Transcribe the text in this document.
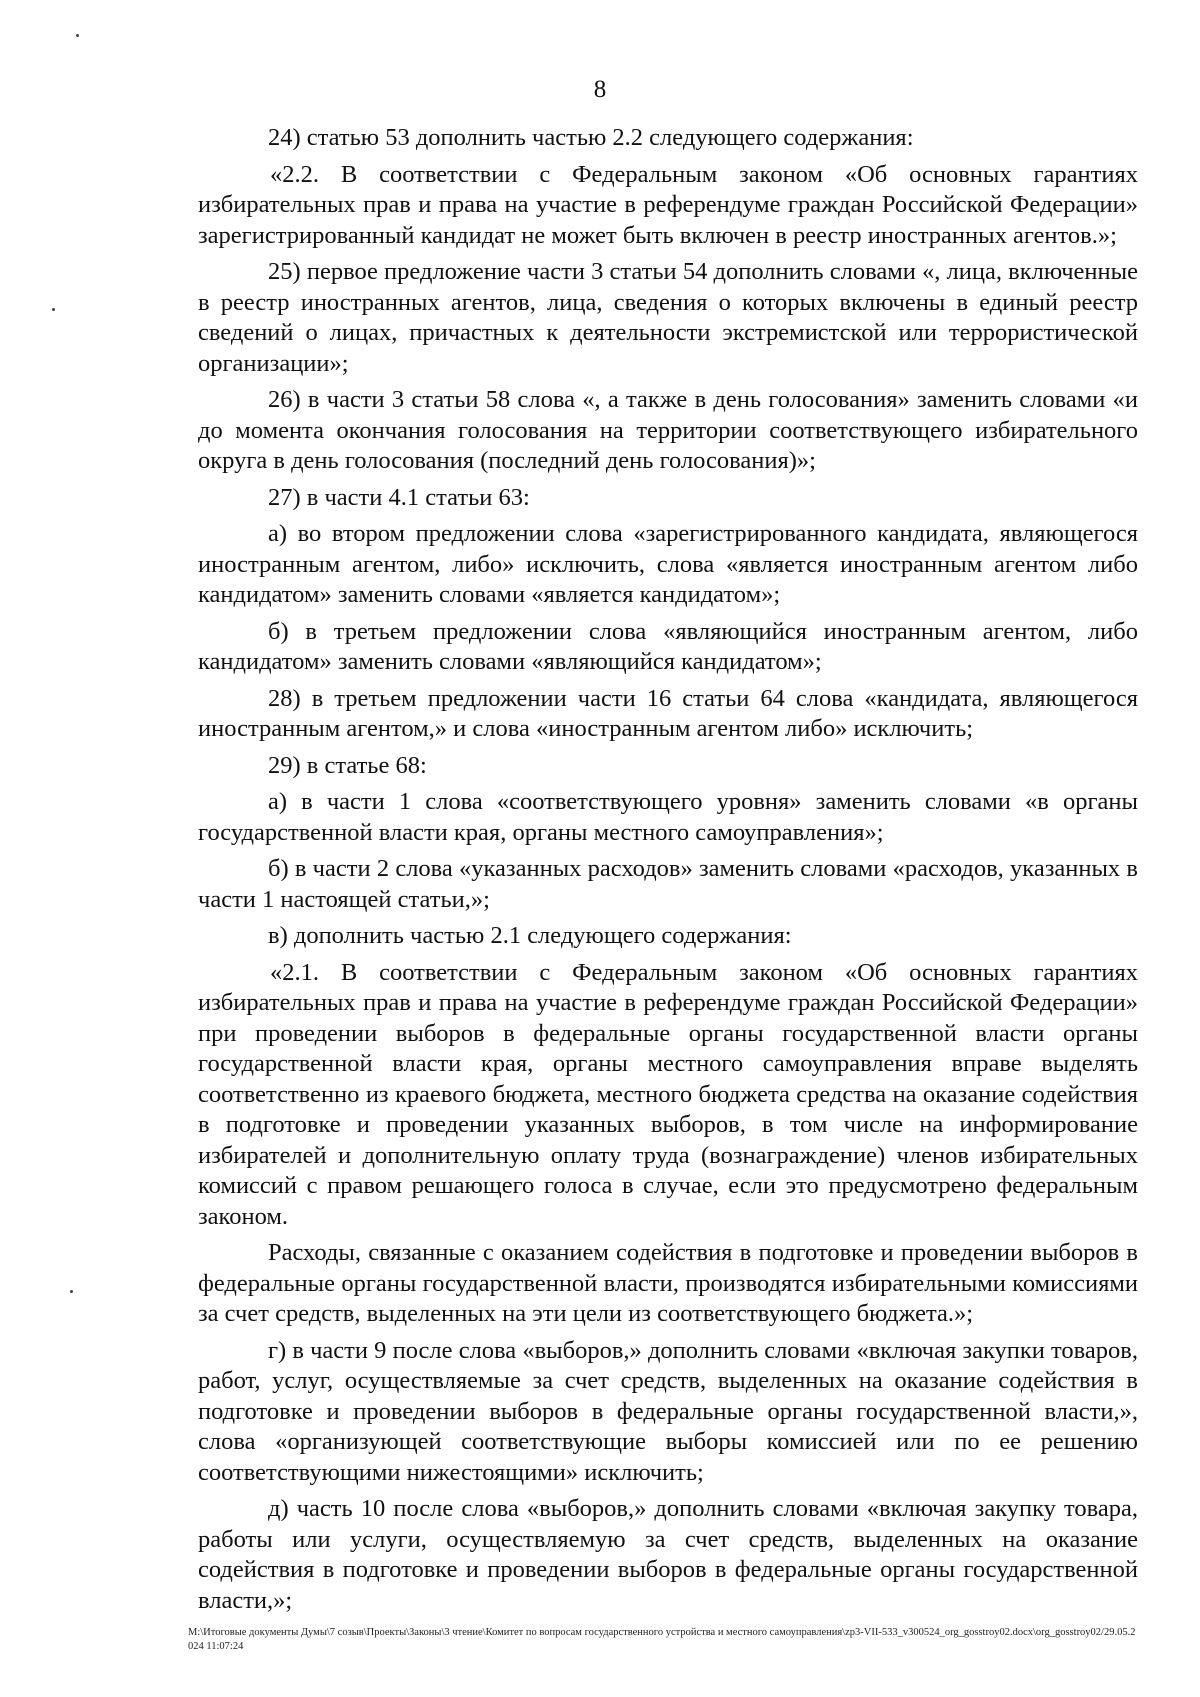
8

24) статью 53 дополнить частью 2.2 следующего содержания:

«2.2. В соответствии с Федеральным законом «Об основных гарантиях избирательных прав и права на участие в референдуме граждан Российской Федерации» зарегистрированный кандидат не может быть включен в реестр иностранных агентов.»;

25) первое предложение части 3 статьи 54 дополнить словами «, лица, включенные в реестр иностранных агентов, лица, сведения о которых включены в единый реестр сведений о лицах, причастных к деятельности экстремистской или террористической организации»;

26) в части 3 статьи 58 слова «, а также в день голосования» заменить словами «и до момента окончания голосования на территории соответствующего избирательного округа в день голосования (последний день голосования)»;

27) в части 4.1 статьи 63:

а) во втором предложении слова «зарегистрированного кандидата, являющегося иностранным агентом, либо» исключить, слова «является иностранным агентом либо кандидатом» заменить словами «является кандидатом»;

б) в третьем предложении слова «являющийся иностранным агентом, либо кандидатом» заменить словами «являющийся кандидатом»;

28) в третьем предложении части 16 статьи 64 слова «кандидата, являющегося иностранным агентом,» и слова «иностранным агентом либо» исключить;

29) в статье 68:

а) в части 1 слова «соответствующего уровня» заменить словами «в органы государственной власти края, органы местного самоуправления»;

б) в части 2 слова «указанных расходов» заменить словами «расходов, указанных в части 1 настоящей статьи,»;

в) дополнить частью 2.1 следующего содержания:

«2.1. В соответствии с Федеральным законом «Об основных гарантиях избирательных прав и права на участие в референдуме граждан Российской Федерации» при проведении выборов в федеральные органы государственной власти органы государственной власти края, органы местного самоуправления вправе выделять соответственно из краевого бюджета, местного бюджета средства на оказание содействия в подготовке и проведении указанных выборов, в том числе на информирование избирателей и дополнительную оплату труда (вознаграждение) членов избирательных комиссий с правом решающего голоса в случае, если это предусмотрено федеральным законом.

Расходы, связанные с оказанием содействия в подготовке и проведении выборов в федеральные органы государственной власти, производятся избирательными комиссиями за счет средств, выделенных на эти цели из соответствующего бюджета.»;

г) в части 9 после слова «выборов,» дополнить словами «включая закупки товаров, работ, услуг, осуществляемые за счет средств, выделенных на оказание содействия в подготовке и проведении выборов в федеральные органы государственной власти,», слова «организующей соответствующие выборы комиссией или по ее решению соответствующими нижестоящими» исключить;

д) часть 10 после слова «выборов,» дополнить словами «включая закупку товара, работы или услуги, осуществляемую за счет средств, выделенных на оказание содействия в подготовке и проведении выборов в федеральные органы государственной власти,»;

M:\Итоговые документы Думы\7 созыв\Проекты\Законы\3 чтение\Комитет по вопросам государственного устройства и местного самоуправления\zp3-VII-533_v300524_org_gosstroy02.docx\org_gosstroy02/29.05.2024 11:07:24
